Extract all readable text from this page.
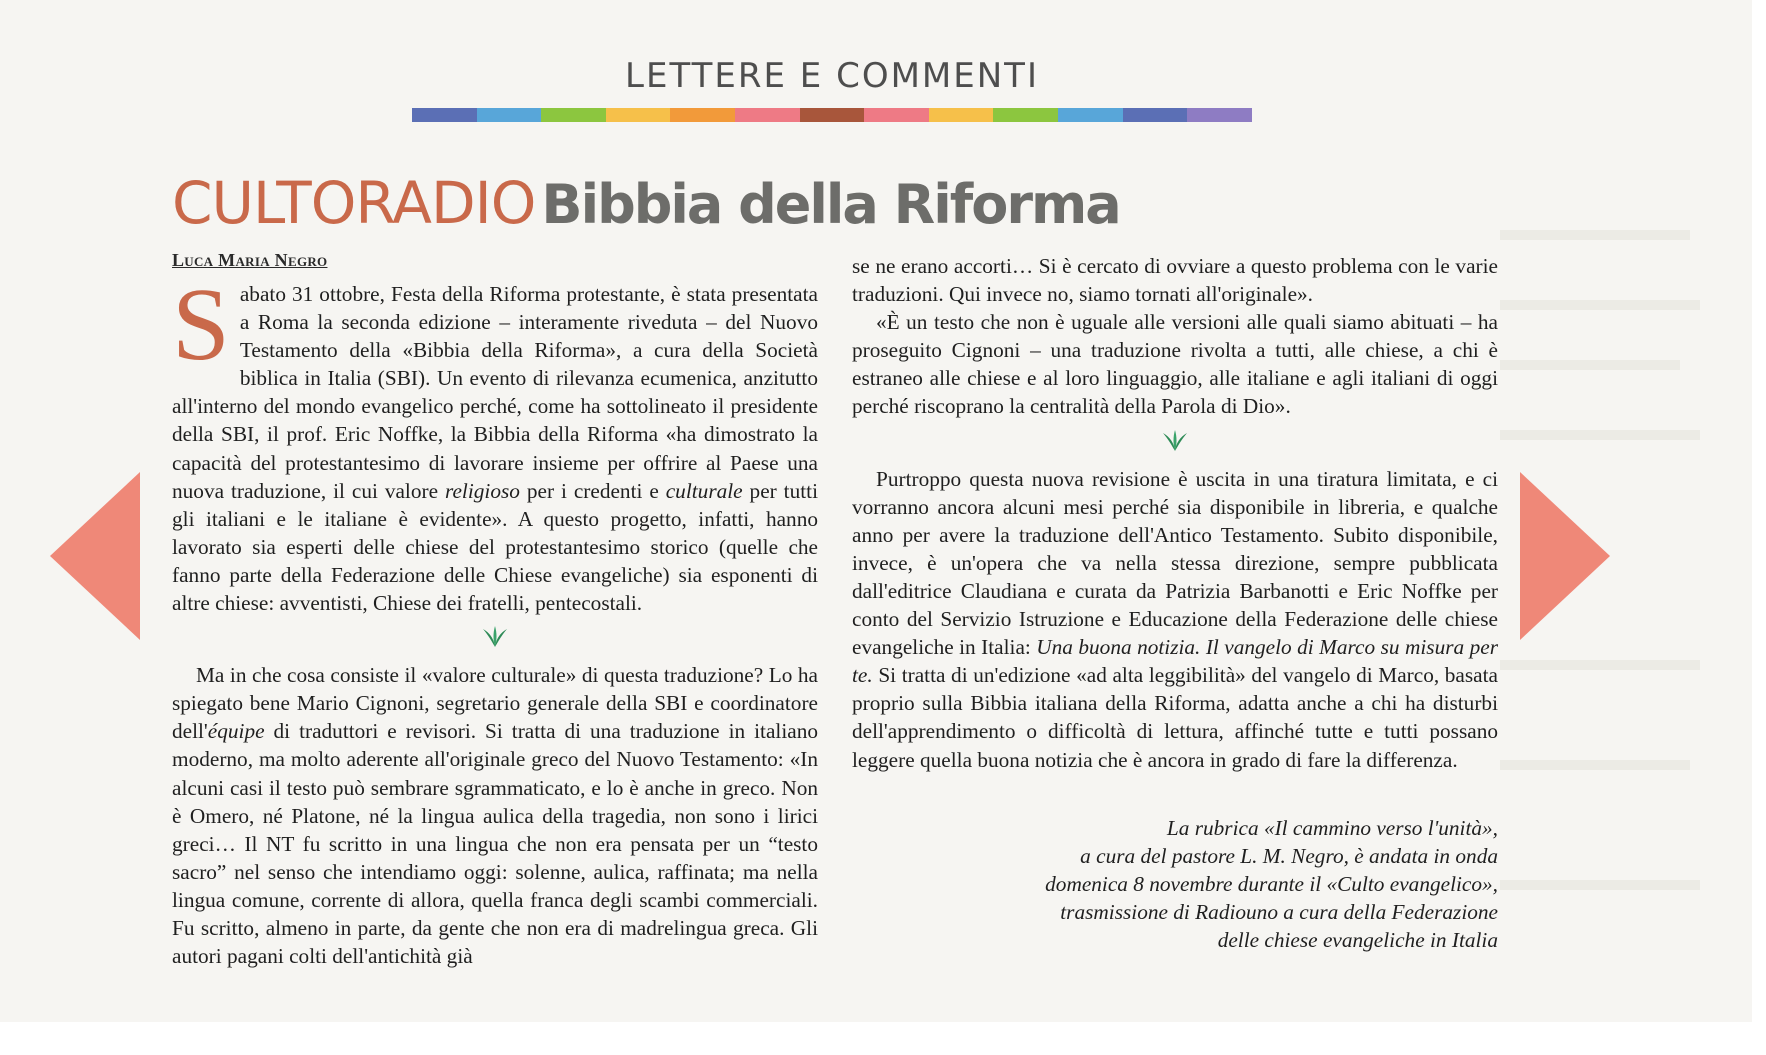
LETTERE E COMMENTI
CULTORADIO Bibbia della Riforma

Luca Maria Negro

Sabato 31 ottobre, Festa della Riforma protestante, è stata presentata a Roma la seconda edizione – interamente riveduta – del Nuovo Testamento della «Bibbia della Riforma», a cura della Società biblica in Italia (SBI). Un evento di rilevanza ecumenica, anzitutto all'interno del mondo evangelico perché, come ha sottolineato il presidente della SBI, il prof. Eric Noffke, la Bibbia della Riforma «ha dimostrato la capacità del protestantesimo di lavorare insieme per offrire al Paese una nuova traduzione, il cui valore religioso per i credenti e culturale per tutti gli italiani e le italiane è evidente». A questo progetto, infatti, hanno lavorato sia esperti delle chiese del protestantesimo storico (quelle che fanno parte della Federazione delle Chiese evangeliche) sia esponenti di altre chiese: avventisti, Chiese dei fratelli, pentecostali.

Ma in che cosa consiste il «valore culturale» di questa traduzione? Lo ha spiegato bene Mario Cignoni, segretario generale della SBI e coordinatore dell'équipe di traduttori e revisori. Si tratta di una traduzione in italiano moderno, ma molto aderente all'originale greco del Nuovo Testamento: «In alcuni casi il testo può sembrare sgrammaticato, e lo è anche in greco. Non è Omero, né Platone, né la lingua aulica della tragedia, non sono i lirici greci… Il NT fu scritto in una lingua che non era pensata per un “testo sacro” nel senso che intendiamo oggi: solenne, aulica, raffinata; ma nella lingua comune, corrente di allora, quella franca degli scambi commerciali. Fu scritto, almeno in parte, da gente che non era di madrelingua greca. Gli autori pagani colti dell'antichità già

se ne erano accorti… Si è cercato di ovviare a questo problema con le varie traduzioni. Qui invece no, siamo tornati all'originale».

«È un testo che non è uguale alle versioni alle quali siamo abituati – ha proseguito Cignoni – una traduzione rivolta a tutti, alle chiese, a chi è estraneo alle chiese e al loro linguaggio, alle italiane e agli italiani di oggi perché riscoprano la centralità della Parola di Dio».

Purtroppo questa nuova revisione è uscita in una tiratura limitata, e ci vorranno ancora alcuni mesi perché sia disponibile in libreria, e qualche anno per avere la traduzione dell'Antico Testamento. Subito disponibile, invece, è un'opera che va nella stessa direzione, sempre pubblicata dall'editrice Claudiana e curata da Patrizia Barbanotti e Eric Noffke per conto del Servizio Istruzione e Educazione della Federazione delle chiese evangeliche in Italia: Una buona notizia. Il vangelo di Marco su misura per te. Si tratta di un'edizione «ad alta leggibilità» del vangelo di Marco, basata proprio sulla Bibbia italiana della Riforma, adatta anche a chi ha disturbi dell'apprendimento o difficoltà di lettura, affinché tutte e tutti possano leggere quella buona notizia che è ancora in grado di fare la differenza.

La rubrica «Il cammino verso l'unità»,
a cura del pastore L. M. Negro, è andata in onda
domenica 8 novembre durante il «Culto evangelico»,
trasmissione di Radiouno a cura della Federazione
delle chiese evangeliche in Italia
